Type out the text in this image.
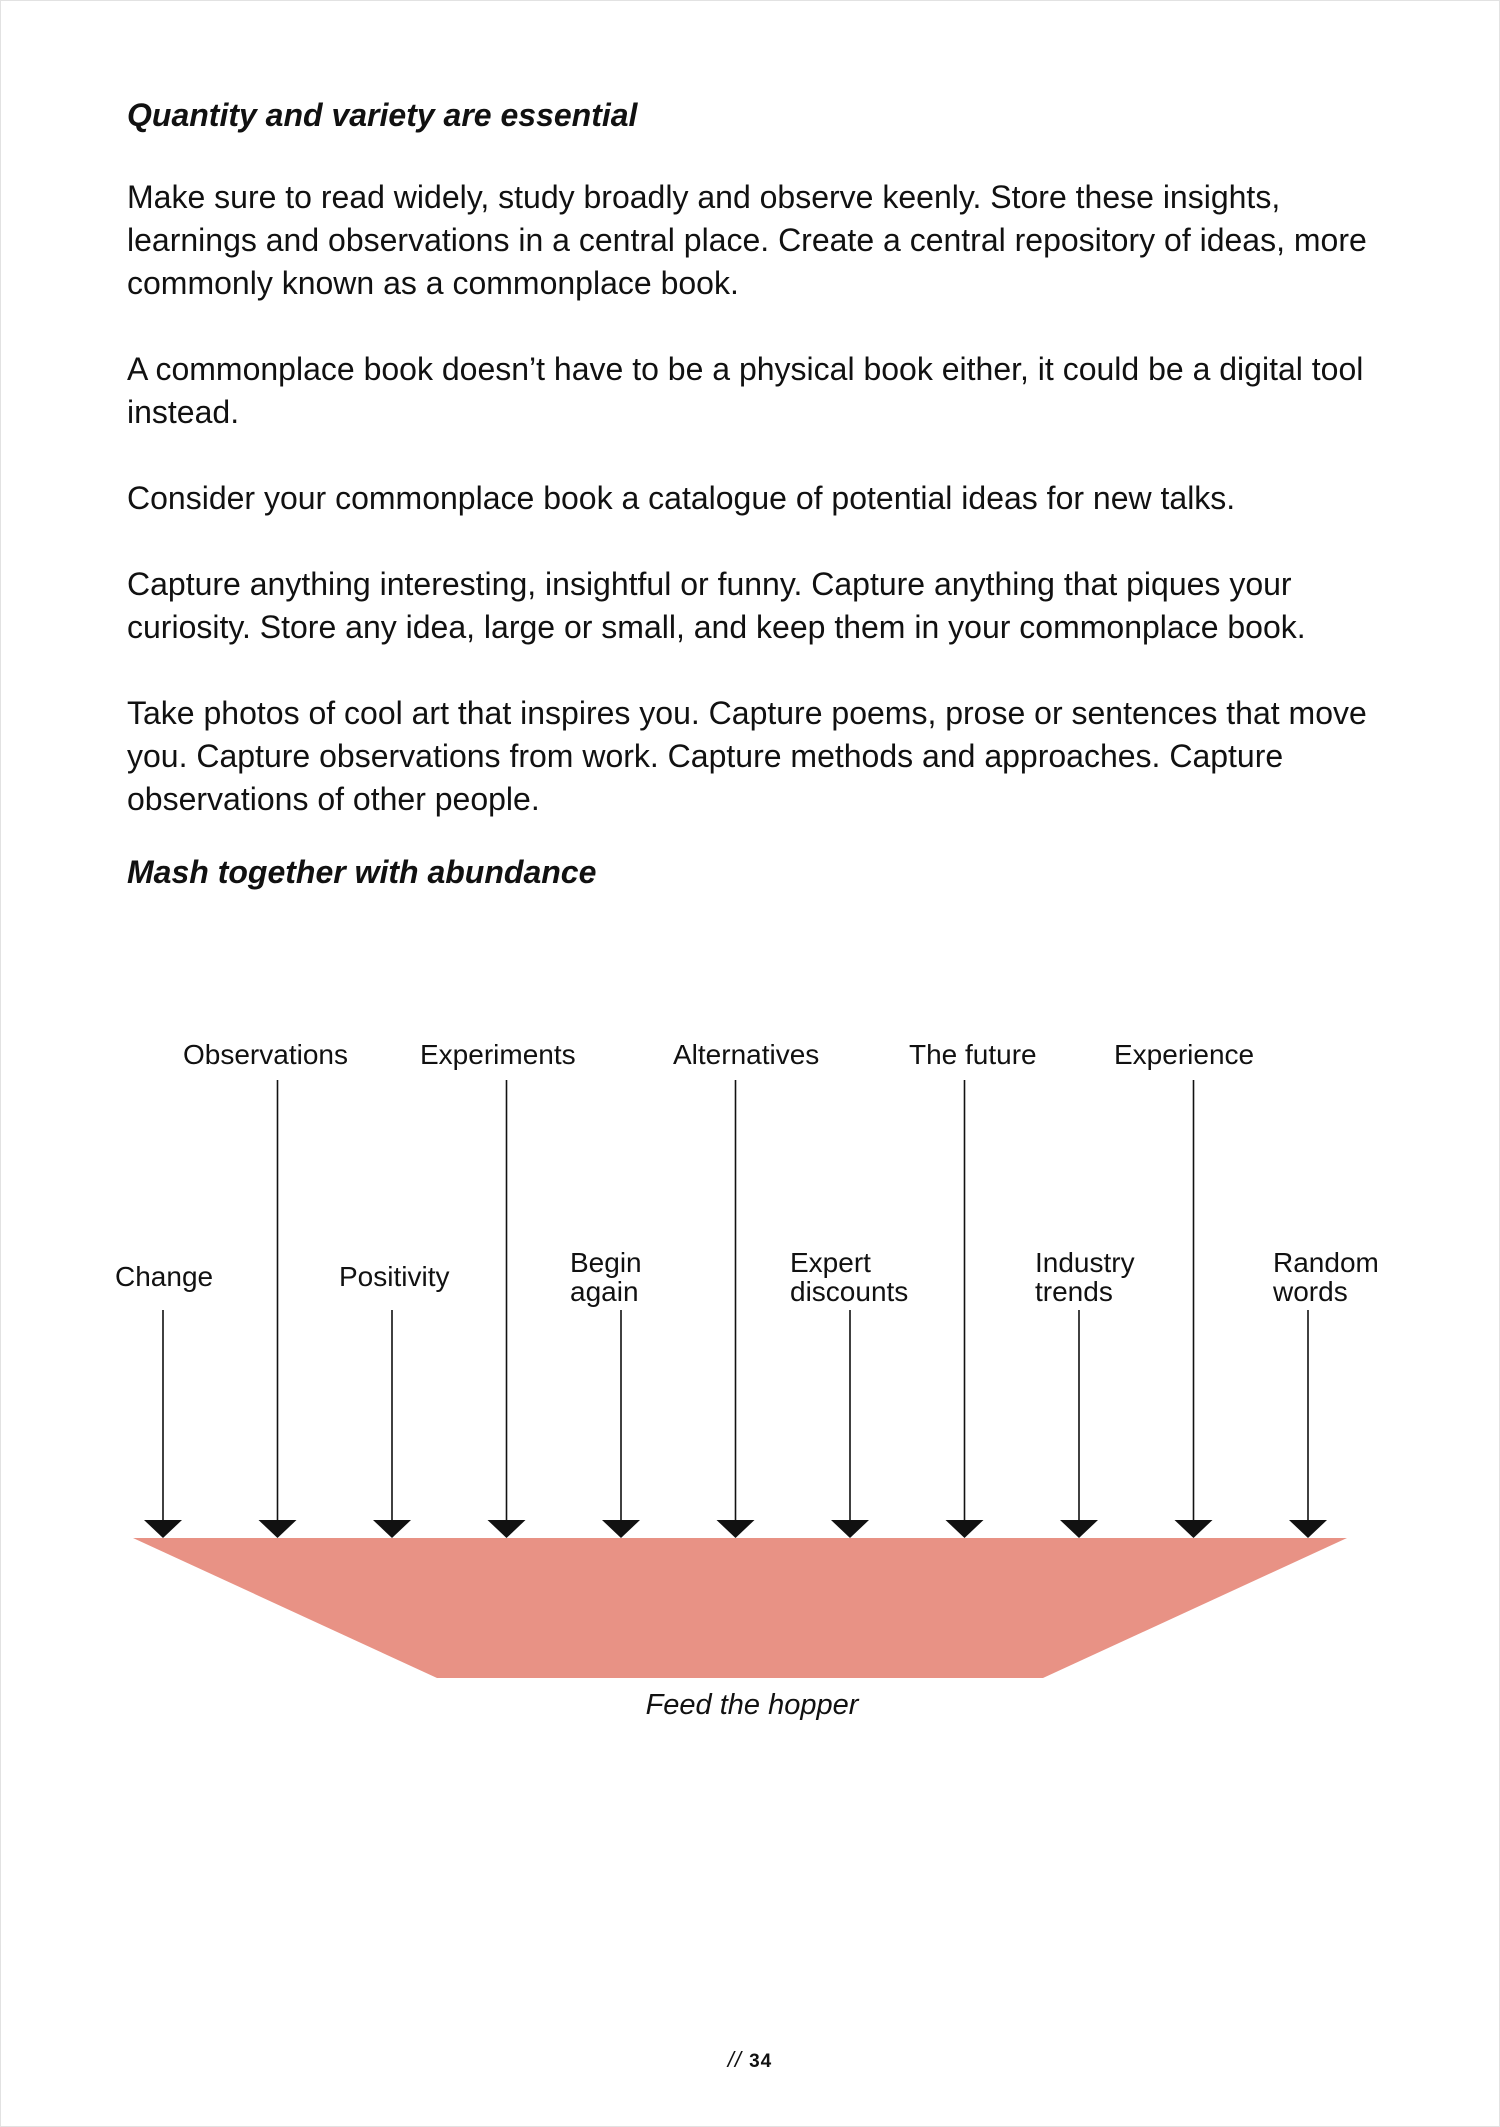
Quantity and variety are essential

Make sure to read widely, study broadly and observe keenly. Store these insights, learnings and observations in a central place. Create a central repository of ideas, more commonly known as a commonplace book.

A commonplace book doesn’t have to be a physical book either, it could be a digital tool instead.

Consider your commonplace book a catalogue of potential ideas for new talks.

Capture anything interesting, insightful or funny. Capture anything that piques your curiosity. Store any idea, large or small, and keep them in your commonplace book.

Take photos of cool art that inspires you. Capture poems, prose or sentences that move you. Capture observations from work. Capture methods and approaches. Capture observations of other people.

Mash together with abundance

Change
Observations
Positivity
Experiments
Begin again
Alternatives
Expert discounts
The future
Industry trends
Experience
Random words
Feed the hopper
// 34
